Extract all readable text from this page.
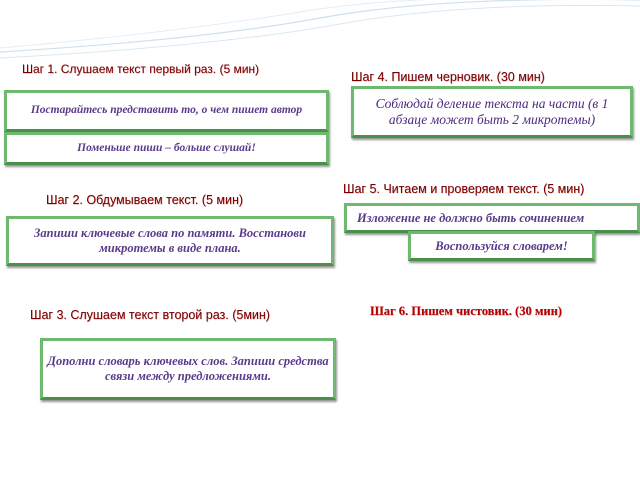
Шаг 1. Слушаем текст первый раз. (5 мин)
Постарайтесь представить то, о чем пишет автор
Поменьше пиши – больше слушай!
Шаг 2. Обдумываем текст. (5 мин)
Запиши ключевые слова по памяти. Восстанови микротемы в виде плана.
Шаг 3. Слушаем текст второй раз. (5мин)
Дополни словарь ключевых слов. Запиши средства связи между предложениями.
Шаг 4. Пишем черновик. (30 мин)
Соблюдай деление текста на части (в 1 абзаце может быть 2 микротемы)
Шаг 5. Читаем и проверяем текст. (5 мин)
Изложение не должно быть сочинением
Воспользуйся словарем!
Шаг 6. Пишем чистовик. (30 мин)
